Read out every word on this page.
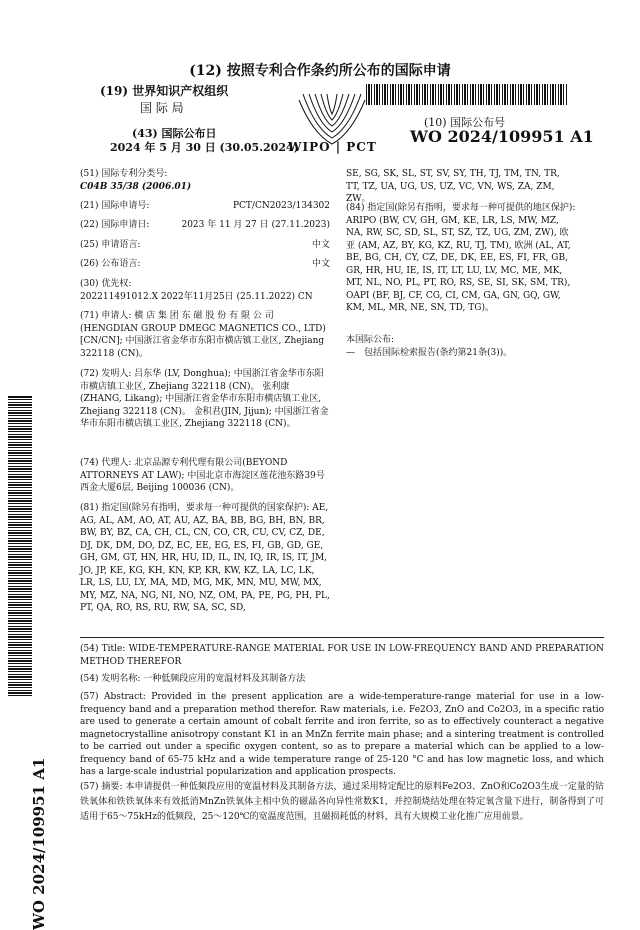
(12) 按照专利合作条约所公布的国际申请
(19) 世界知识产权组织
国 际 局
(43) 国际公布日
2024 年 5 月 30 日 (30.05.2024)
WIPO | PCT
(10) 国际公布号
WO 2024/109951 A1
WO 2024/109951 A1
(51) 国际专利分类号:
C04B 35/38 (2006.01)
(21) 国际申请号:	PCT/CN2023/134302
(22) 国际申请日:	2023 年 11 月 27 日 (27.11.2023)
(25) 申请语言:	中文
(26) 公布语言:	中文
(30) 优先权:
202211491012.X 2022年11月25日 (25.11.2022) CN
(71) 申请人: 横 店 集 团 东 磁 股 份 有 限 公 司(HENGDIAN GROUP DMEGC MAGNETICS CO., LTD) [CN/CN]; 中国浙江省金华市东阳市横店镇工业区, Zhejiang 322118 (CN)。
(72) 发明人: 吕东华 (LV, Donghua); 中国浙江省金华市东阳市横店镇工业区, Zhejiang 322118 (CN)。 张利康(ZHANG, Likang); 中国浙江省金华市东阳市横店镇工业区, Zhejiang 322118 (CN)。 金积君(JIN, Jijun); 中国浙江省金华市东阳市横店镇工业区, Zhejiang 322118 (CN)。
(74) 代理人: 北京品源专利代理有限公司(BEYOND ATTORNEYS AT LAW); 中国北京市海淀区莲花池东路39号西金大厦6层, Beijing 100036 (CN)。
(81) 指定国(除另有指明，要求每一种可提供的国家保护): AE, AG, AL, AM, AO, AT, AU, AZ, BA, BB, BG, BH, BN, BR, BW, BY, BZ, CA, CH, CL, CN, CO, CR, CU, CV, CZ, DE, DJ, DK, DM, DO, DZ, EC, EE, EG, ES, FI, GB, GD, GE, GH, GM, GT, HN, HR, HU, ID, IL, IN, IQ, IR, IS, IT, JM, JO, JP, KE, KG, KH, KN, KP, KR, KW, KZ, LA, LC, LK, LR, LS, LU, LY, MA, MD, MG, MK, MN, MU, MW, MX, MY, MZ, NA, NG, NI, NO, NZ, OM, PA, PE, PG, PH, PL, PT, QA, RO, RS, RU, RW, SA, SC, SD,
SE, SG, SK, SL, ST, SV, SY, TH, TJ, TM, TN, TR, TT, TZ, UA, UG, US, UZ, VC, VN, WS, ZA, ZM, ZW。
(84) 指定国(除另有指明，要求每一种可提供的地区保护): ARIPO (BW, CV, GH, GM, KE, LR, LS, MW, MZ, NA, RW, SC, SD, SL, ST, SZ, TZ, UG, ZM, ZW), 欧亚 (AM, AZ, BY, KG, KZ, RU, TJ, TM), 欧洲 (AL, AT, BE, BG, CH, CY, CZ, DE, DK, EE, ES, FI, FR, GB, GR, HR, HU, IE, IS, IT, LT, LU, LV, MC, ME, MK, MT, NL, NO, PL, PT, RO, RS, SE, SI, SK, SM, TR), OAPI (BF, BJ, CF, CG, CI, CM, GA, GN, GQ, GW, KM, ML, MR, NE, SN, TD, TG)。
本国际公布:
—　包括国际检索报告(条约第21条(3))。
(54) Title: WIDE-TEMPERATURE-RANGE MATERIAL FOR USE IN LOW-FREQUENCY BAND AND PREPARATION METHOD THEREFOR
(54) 发明名称: 一种低频段应用的宽温材料及其制备方法
(57) Abstract: Provided in the present application are a wide-temperature-range material for use in a low-frequency band and a preparation method therefor. Raw materials, i.e. Fe2O3, ZnO and Co2O3, in a specific ratio are used to generate a certain amount of cobalt ferrite and iron ferrite, so as to effectively counteract a negative magnetocrystalline anisotropy constant K1 in an MnZn ferrite main phase; and a sintering treatment is controlled to be carried out under a specific oxygen content, so as to prepare a material which can be applied to a low-frequency band of 65-75 kHz and a wide temperature range of 25-120 °C and has low magnetic loss, and which has a large-scale industrial popularization and application prospects.
(57) 摘要: 本申请提供一种低频段应用的宽温材料及其制备方法，通过采用特定配比的原料Fe2O3、ZnO和Co2O3生成一定量的钴铁氧体和铁铁氧体来有效抵消MnZn铁氧体主相中负的磁晶各向异性常数K1，并控制烧结处理在特定氧含量下进行，制备得到了可适用于65～75kHz的低频段，25～120℃的宽温度范围，且磁损耗低的材料，具有大规模工业化推广应用前景。
